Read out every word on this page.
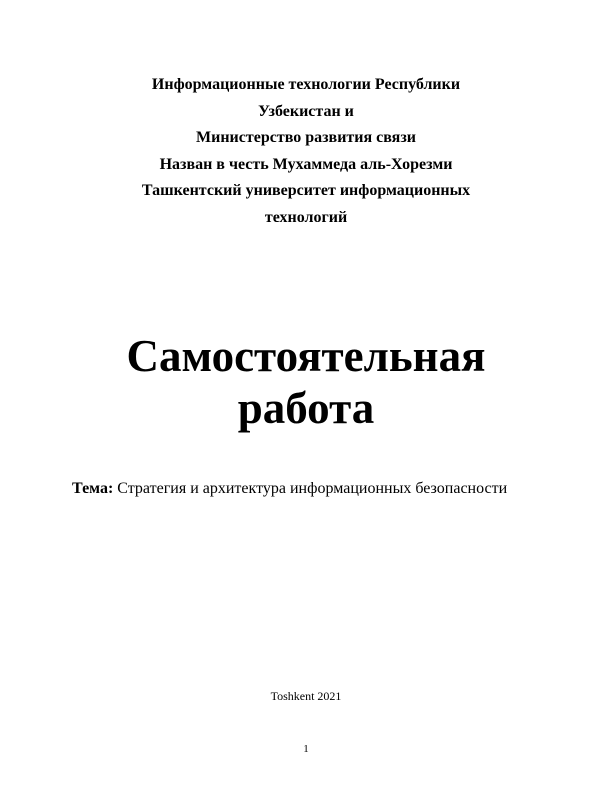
Информационные технологии Республики
Узбекистан и
Министерство развития связи
Назван в честь Мухаммеда аль-Хорезми
Ташкентский университет информационных
технологий
Самостоятельная
работа
Тема: Стратегия и архитектура информационных безопасности
Toshkent 2021
1
